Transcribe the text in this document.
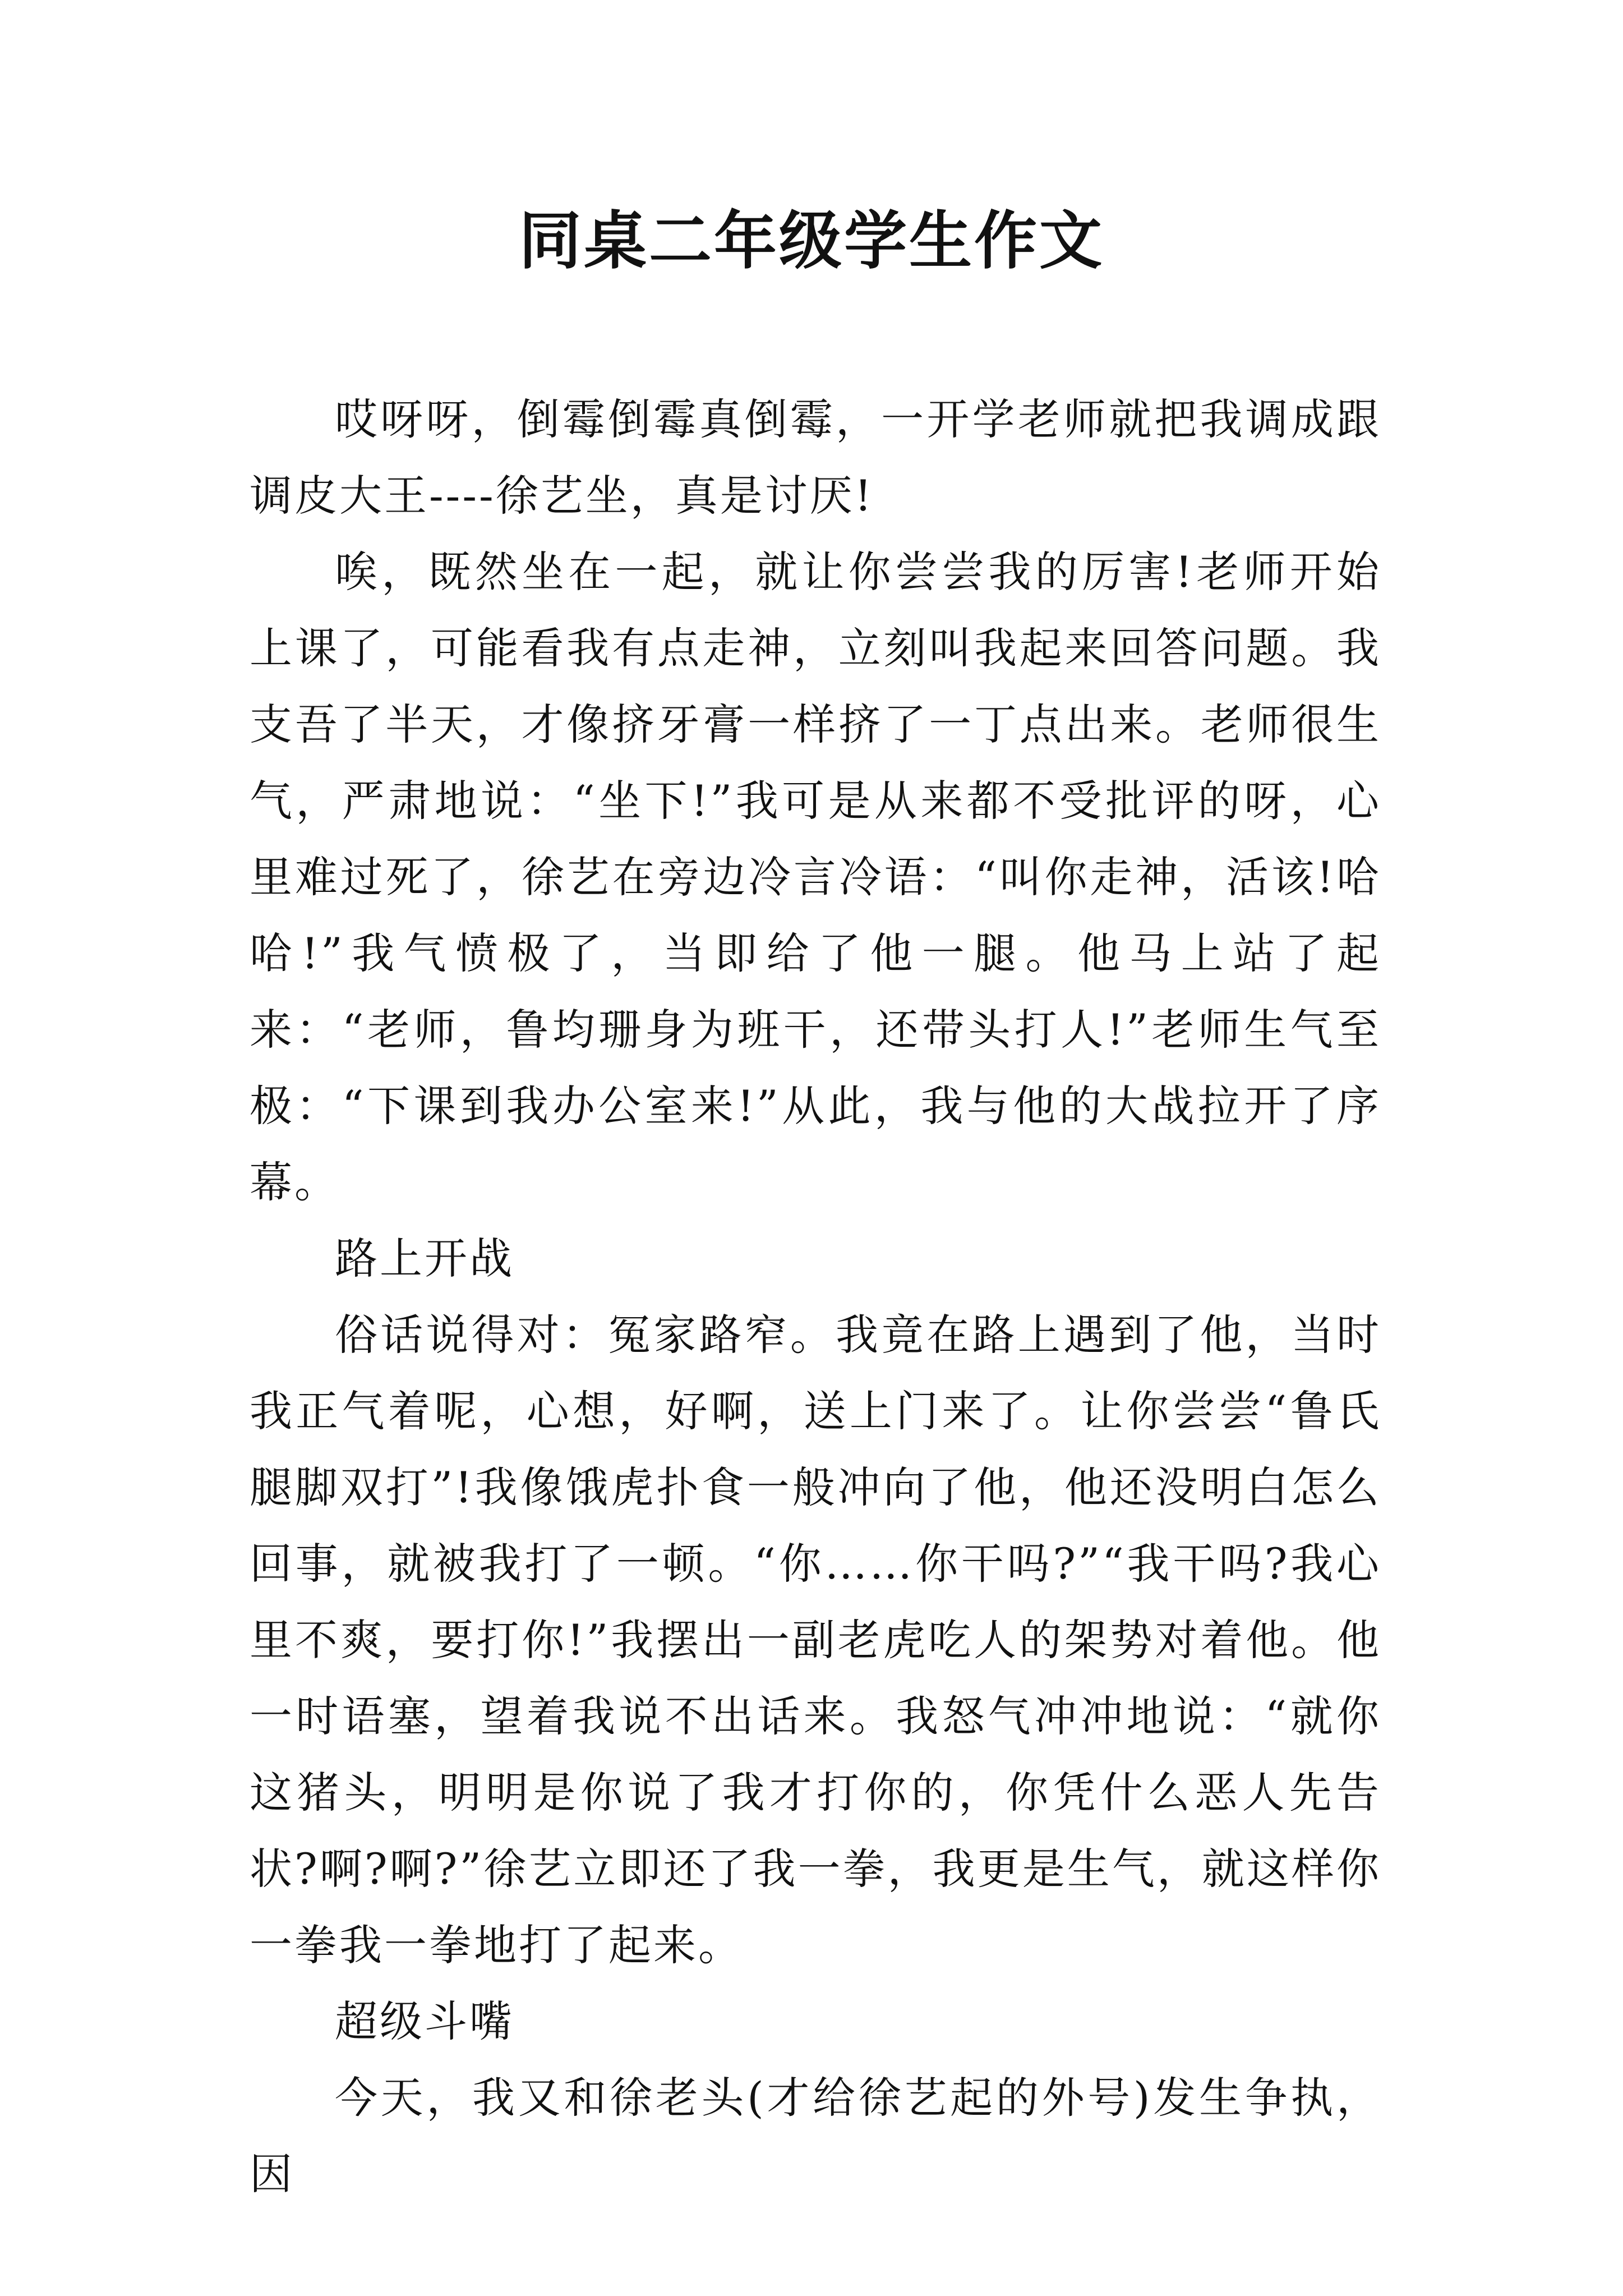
同桌二年级学生作文

哎呀呀，倒霉倒霉真倒霉，一开学老师就把我调成跟调皮大王----徐艺坐，真是讨厌!

唉，既然坐在一起，就让你尝尝我的厉害!老师开始上课了，可能看我有点走神，立刻叫我起来回答问题。我支吾了半天，才像挤牙膏一样挤了一丁点出来。老师很生气，严肃地说：“坐下!”我可是从来都不受批评的呀，心里难过死了，徐艺在旁边冷言冷语：“叫你走神，活该!哈哈!”我气愤极了，当即给了他一腿。他马上站了起来：“老师，鲁均珊身为班干，还带头打人!”老师生气至极：“下课到我办公室来!”从此，我与他的大战拉开了序幕。

路上开战

俗话说得对：冤家路窄。我竟在路上遇到了他，当时我正气着呢，心想，好啊，送上门来了。让你尝尝“鲁氏腿脚双打”!我像饿虎扑食一般冲向了他，他还没明白怎么回事，就被我打了一顿。“你……你干吗?”“我干吗?我心里不爽，要打你!”我摆出一副老虎吃人的架势对着他。他一时语塞，望着我说不出话来。我怒气冲冲地说：“就你这猪头，明明是你说了我才打你的，你凭什么恶人先告状?啊?啊?”徐艺立即还了我一拳，我更是生气，就这样你一拳我一拳地打了起来。

超级斗嘴

今天，我又和徐老头(才给徐艺起的外号)发生争执，因
